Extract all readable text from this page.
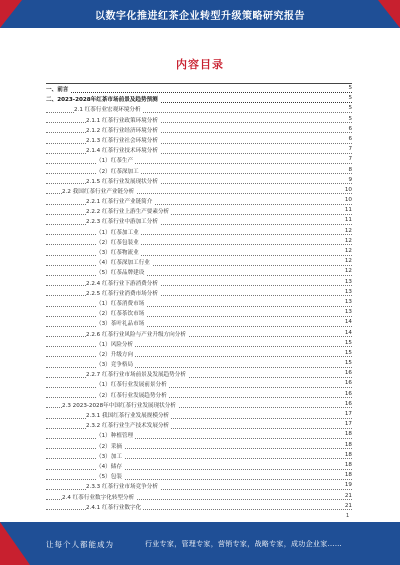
以数字化推进红茶企业转型升级策略研究报告
内容目录
一、前言	5
二、2023-2028年红茶市场前景及趋势预测	5
2.1 红茶行业宏观环境分析	5
2.1.1 红茶行业政策环境分析	5
2.1.2 红茶行业经济环境分析	6
2.1.3 红茶行业社会环境分析	6
2.1.4 红茶行业技术环境分析	7
（1）红茶生产	7
（2）红茶深加工	8
2.1.5 红茶行业发展现状分析	9
2.2 我国红茶行业产业链分析	10
2.2.1 红茶行业产业链简介	10
2.2.2 红茶行业上游生产要素分析	11
2.2.3 红茶行业中游加工分析	11
（1）红茶加工业	12
（2）红茶包装业	12
（3）红茶物流业	12
（4）红茶深加工行业	12
（5）红茶品牌建设	12
2.2.4 红茶行业下游消费分析	13
2.2.5 红茶行业消费市场分析	13
（1）红茶消费市场	13
（2）红茶茶饮市场	13
（3）茶叶礼品市场	14
2.2.6 红茶行业风险与产业升级方向分析	14
（1）风险分析	15
（2）升级方向	15
（3）竞争格局	15
2.2.7 红茶行业市场前景及发展趋势分析	16
（1）红茶行业发展前景分析	16
（2）红茶行业发展趋势分析	16
2.3 2023-2028年中国红茶行业发展现状分析	16
2.3.1 我国红茶行业发展规模分析	17
2.3.2 红茶行业生产技术发展分析	17
（1）种植管理	18
（2）采摘	18
（3）加工	18
（4）储存	18
（5）包装	18
2.3.3 红茶行业市场竞争分析	19
2.4 红茶行业数字化转型分析	21
2.4.1 红茶行业数字化	21
1
让每个人都能成为	行业专家，管理专家，营销专家，战略专家，成功企业家……
